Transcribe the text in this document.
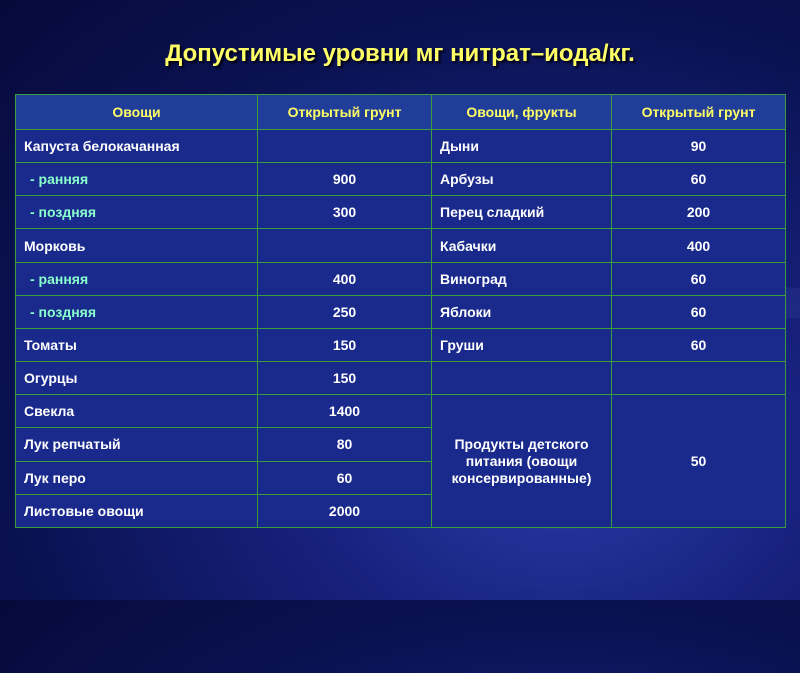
Допустимые уровни мг нитрат–иода/кг.
Овощи	Открытый грунт	Овощи, фрукты	Открытый грунт
Капуста белокачанная		Дыни	90
- ранняя	900	Арбузы	60
- поздняя	300	Перец сладкий	200
Морковь		Кабачки	400
- ранняя	400	Виноград	60
- поздняя	250	Яблоки	60
Томаты	150	Груши	60
Огурцы	150		
Свекла	1400	Продукты детского питания (овощи консервированные)	50
Лук репчатый	80		
Лук перо	60		
Листовые овощи	2000		
